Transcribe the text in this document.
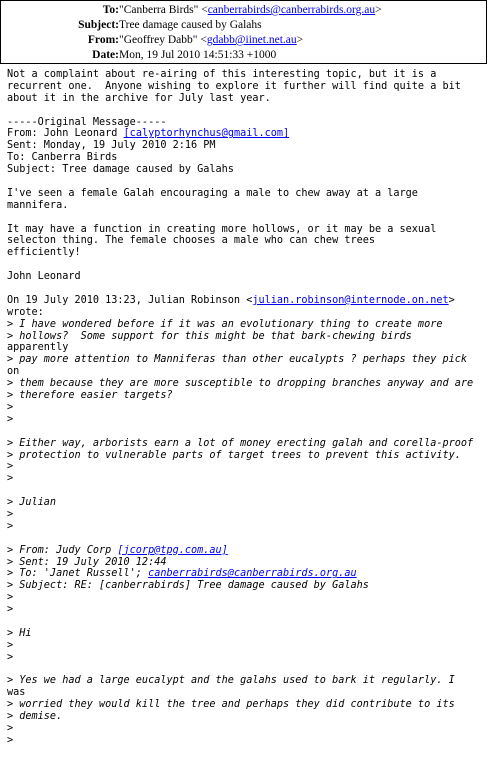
To: "Canberra Birds" <canberrabirds@canberrabirds.org.au>
Subject: Tree damage caused by Galahs
From: "Geoffrey Dabb" <gdabb@iinet.net.au>
Date: Mon, 19 Jul 2010 14:51:33 +1000
Not a complaint about re-airing of this interesting topic, but it is a
recurrent one.  Anyone wishing to explore it further will find quite a bit
about it in the archive for July last year.
-----Original Message-----
From: John Leonard [calyptorhynchus@gmail.com]
Sent: Monday, 19 July 2010 2:16 PM
To: Canberra Birds
Subject: Tree damage caused by Galahs
I've seen a female Galah encouraging a male to chew away at a large
mannifera.
It may have a function in creating more hollows, or it may be a sexual
selecton thing. The female chooses a male who can chew trees
efficiently!
John Leonard
On 19 July 2010 13:23, Julian Robinson <julian.robinson@internode.on.net>
wrote:
> I have wondered before if it was an evolutionary thing to create more
> hollows?  Some support for this might be that bark-chewing birds
apparently
> pay more attention to Manniferas than other eucalypts ? perhaps they pick
on
> them because they are more susceptible to dropping branches anyway and are
> therefore easier targets?
>
>
> Either way, arborists earn a lot of money erecting galah and corella-proof
> protection to vulnerable parts of target trees to prevent this activity.
>
>
> Julian
>
>
> From: Judy Corp [jcorp@tpg.com.au]
> Sent: 19 July 2010 12:44
> To: 'Janet Russell'; canberrabirds@canberrabirds.org.au
> Subject: RE: [canberrabirds] Tree damage caused by Galahs
>
>
> Hi
>
>
> Yes we had a large eucalypt and the galahs used to bark it regularly. I
was
> worried they would kill the tree and perhaps they did contribute to its
> demise.
>
>
